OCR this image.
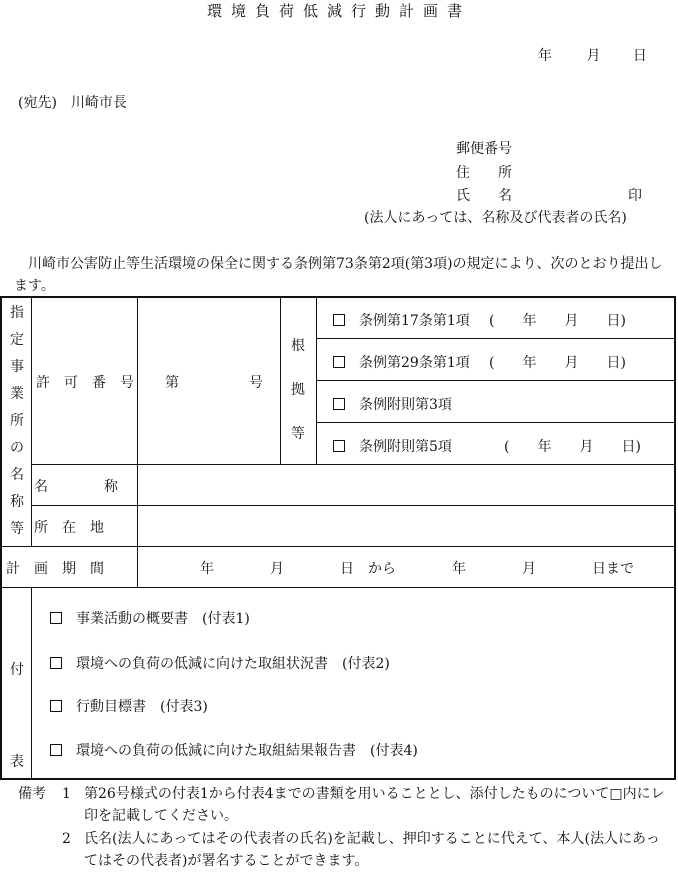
環境負荷低減行動計画書
年 月 日
(宛先)　川崎市長
郵便番号
住　　所
氏　　名	印
(法人にあっては、名称及び代表者の氏名)
川崎市公害防止等生活環境の保全に関する条例第73条第2項(第3項)の規定により、次のとおり提出します。
指
定
事
業
所
の
名
称
等
許　可　番　号 第　　　　　号
根
拠
等
条例第17条第1項 (　　年　　月　　日)
条例第29条第1項 (　　年　　月　　日)
条例附則第3項
条例附則第5項	(　　年　　月　　日)
名　　　　称
所　在　地
計　画　期　間	年　　　　月　　　　日　から　　　　年　　　　月　　　　日まで
付
表
事業活動の概要書　(付表1)
環境への負荷の低減に向けた取組状況書　(付表2)
行動目標書　(付表3)
環境への負荷の低減に向けた取組結果報告書　(付表4)
備考 1 第26号様式の付表1から付表4までの書類を用いることとし、添付したものについて□内にレ印を記載してください。
2 氏名(法人にあってはその代表者の氏名)を記載し、押印することに代えて、本人(法人にあってはその代表者)が署名することができます。
